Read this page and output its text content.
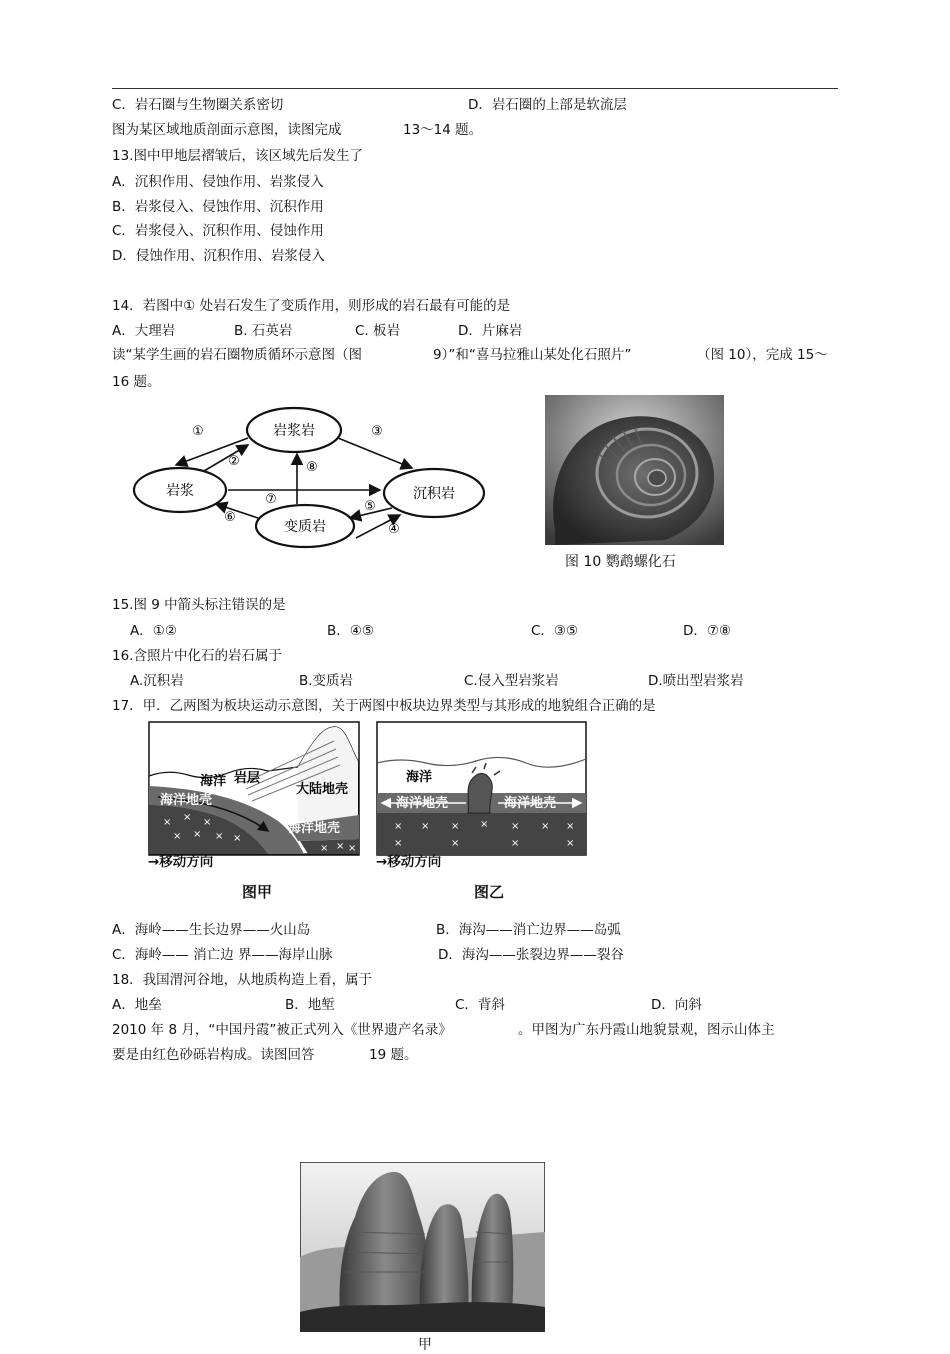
C．岩石圈与生物圈关系密切	D．岩石圈的上部是软流层
图为某区域地质剖面示意图，读图完成	13～14 题。
13.图中甲地层褶皱后，该区域先后发生了
A．沉积作用、侵蚀作用、岩浆侵入
B．岩浆侵入、侵蚀作用、沉积作用
C．岩浆侵入、沉积作用、侵蚀作用
D．侵蚀作用、沉积作用、岩浆侵入
14．若图中① 处岩石发生了变质作用，则形成的岩石最有可能的是
A．大理岩	B. 石英岩	C. 板岩	D．片麻岩
读“某学生画的岩石圈物质循环示意图（图	9）”和“喜马拉雅山某处化石照片”	（图 10），完成 15～
16 题。
岩浆岩
岩浆	沉积岩
变质岩
①
②
③
④
⑤
⑥
⑦
⑧
图 10 鹦鹉螺化石
15.图 9 中箭头标注错误的是
A．①②	B．④⑤	C．③⑤	D．⑦⑧
16.含照片中化石的岩石属于
A.沉积岩	B.变质岩	C.侵入型岩浆岩	D.喷出型岩浆岩
17．甲．乙两图为板块运动示意图，关于两图中板块边界类型与其形成的地貌组合正确的是
× × ×
× × × ×
× × ×
海洋 岩层
大陆地壳
海洋地壳
海洋地壳
→移动方向
图甲
× × × × × × ×
×	×	×	×
海洋
海洋地壳	海洋地壳
→移动方向
图乙
A．海岭——生长边界——火山岛	B．海沟——消亡边界——岛弧
C．海岭—— 消亡边 界——海岸山脉	D．海沟——张裂边界——裂谷
18．我国渭河谷地，从地质构造上看，属于
A．地垒	B．地堑	C．背斜	D．向斜
2010 年 8 月，“中国丹霞”被正式列入《世界遗产名录》	。甲图为广东丹霞山地貌景观，图示山体主
要是由红色砂砾岩构成。读图回答	19 题。
甲
